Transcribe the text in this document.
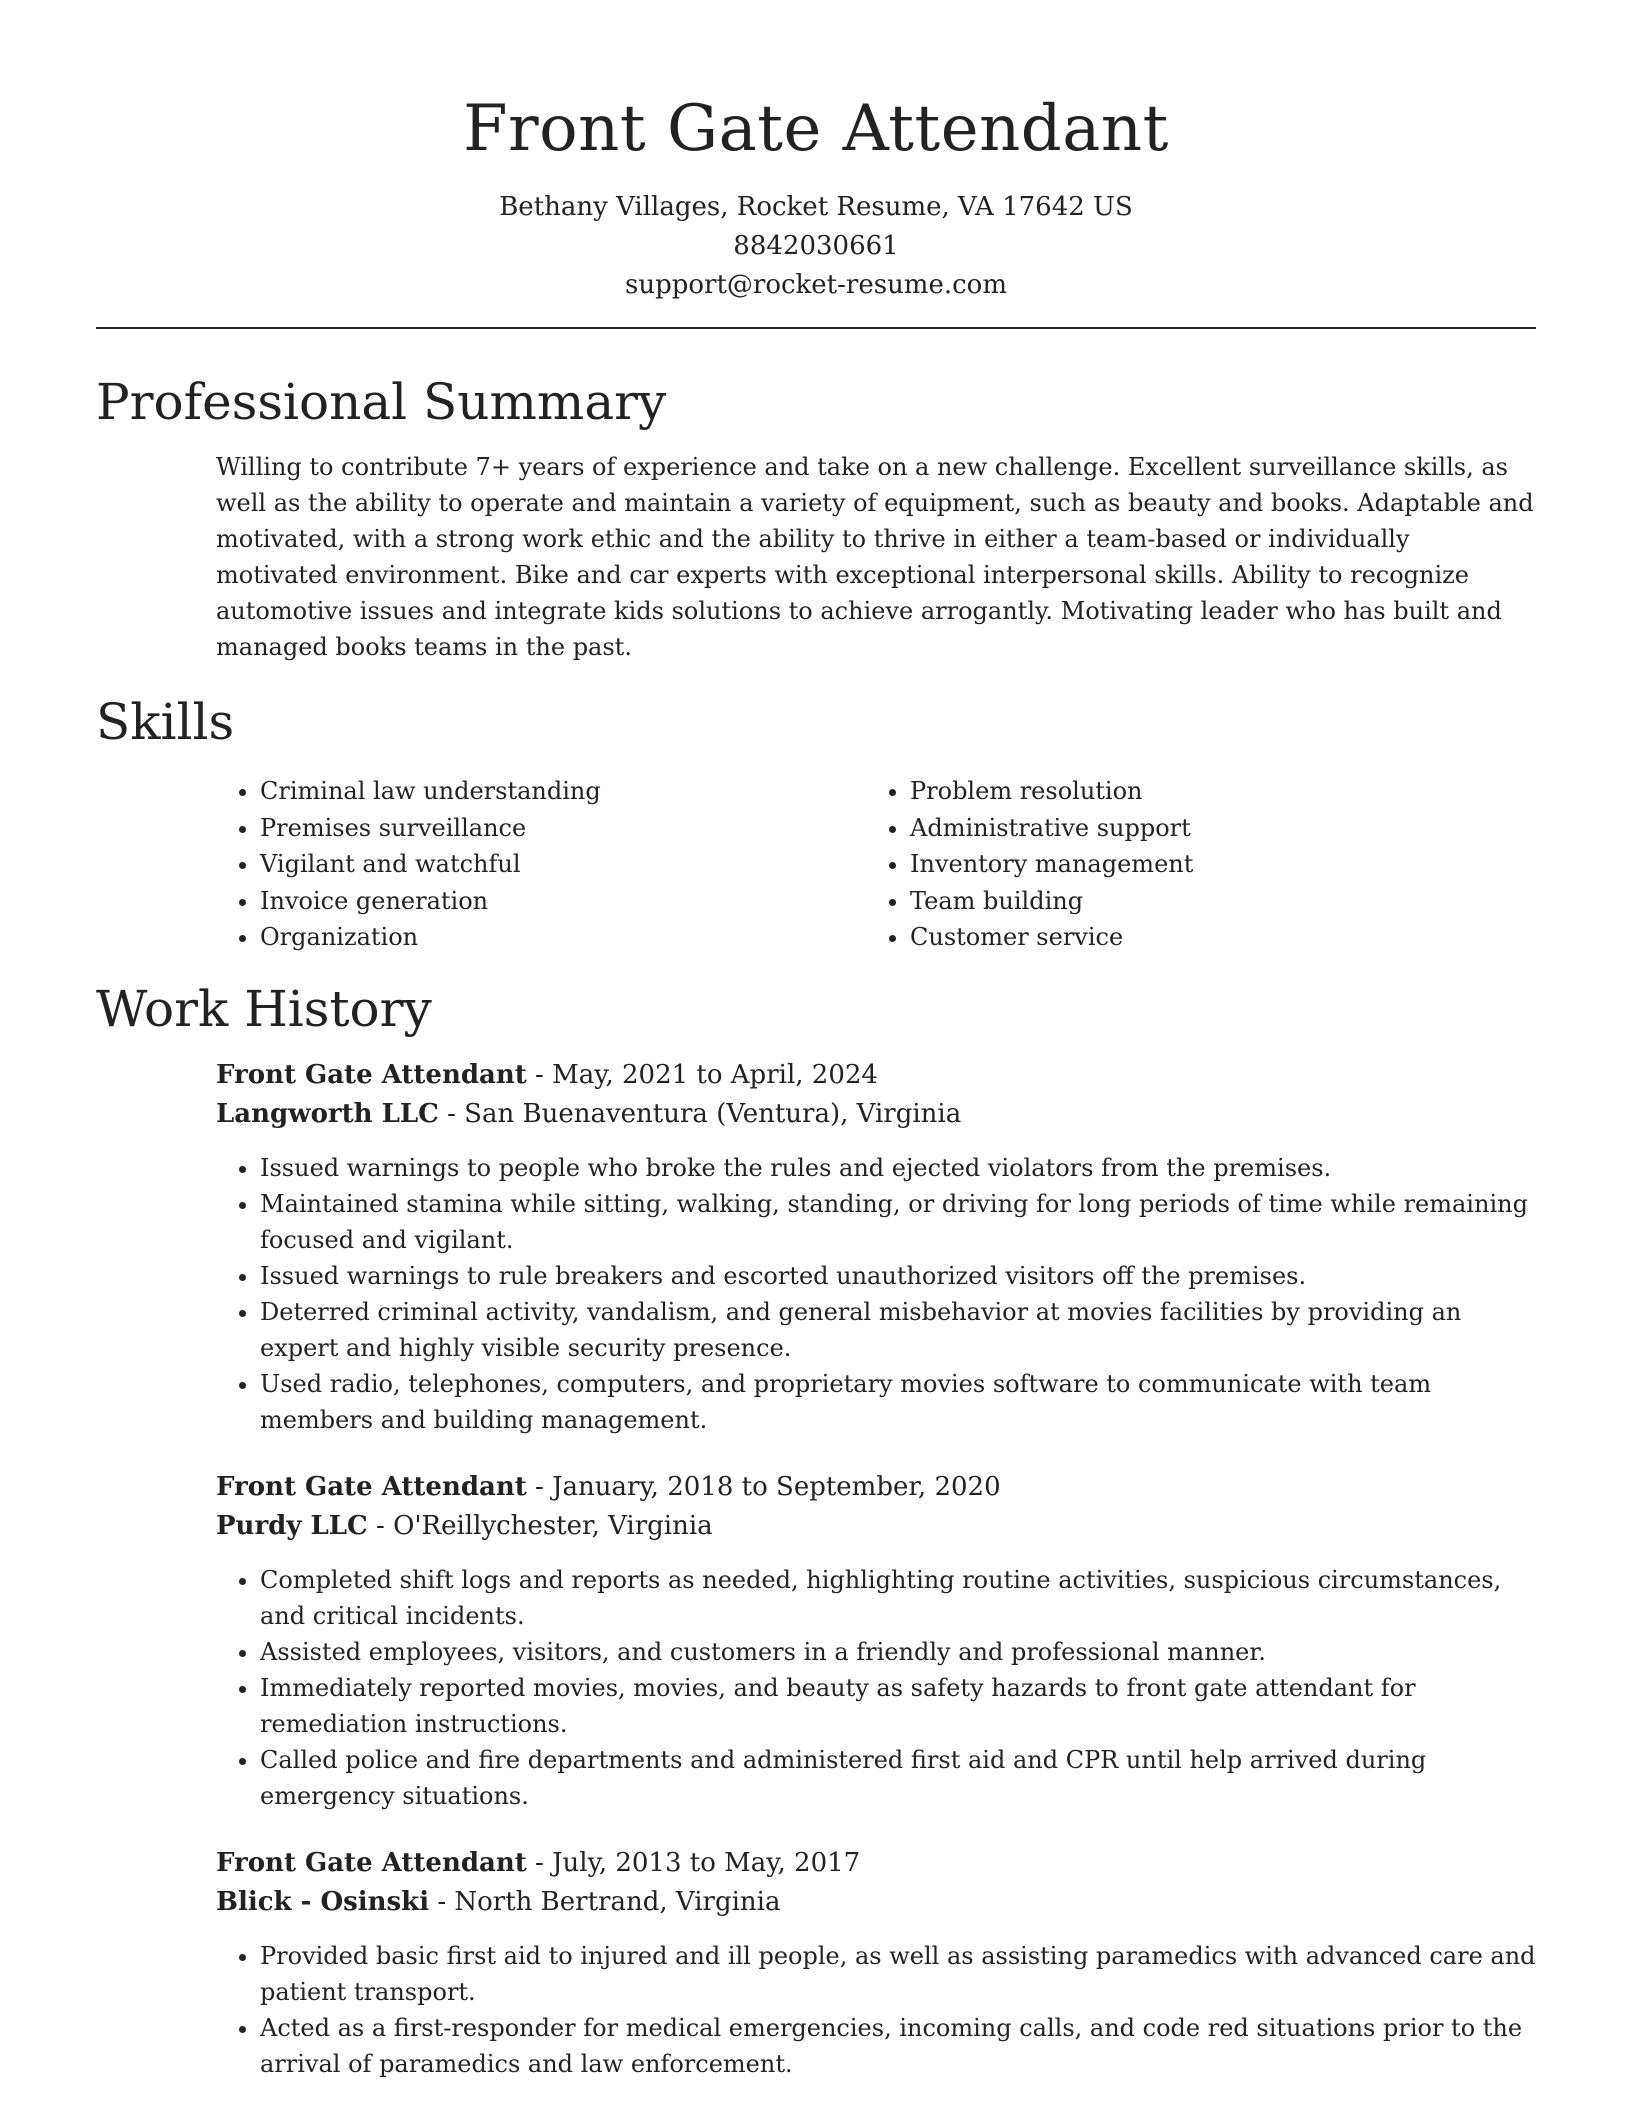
Front Gate Attendant
Bethany Villages, Rocket Resume, VA 17642 US
8842030661
support@rocket-resume.com
Professional Summary

Willing to contribute 7+ years of experience and take on a new challenge. Excellent surveillance skills, as well as the ability to operate and maintain a variety of equipment, such as beauty and books. Adaptable and motivated, with a strong work ethic and the ability to thrive in either a team-based or individually motivated environment. Bike and car experts with exceptional interpersonal skills. Ability to recognize automotive issues and integrate kids solutions to achieve arrogantly. Motivating leader who has built and managed books teams in the past.

Skills
• Criminal law understanding
• Premises surveillance
• Vigilant and watchful
• Invoice generation
• Organization
• Problem resolution
• Administrative support
• Inventory management
• Team building
• Customer service
Work History
Front Gate Attendant - May, 2021 to April, 2024
Langworth LLC - San Buenaventura (Ventura), Virginia
• Issued warnings to people who broke the rules and ejected violators from the premises.
• Maintained stamina while sitting, walking, standing, or driving for long periods of time while remaining focused and vigilant.
• Issued warnings to rule breakers and escorted unauthorized visitors off the premises.
• Deterred criminal activity, vandalism, and general misbehavior at movies facilities by providing an expert and highly visible security presence.
• Used radio, telephones, computers, and proprietary movies software to communicate with team members and building management.
Front Gate Attendant - January, 2018 to September, 2020
Purdy LLC - O'Reillychester, Virginia
• Completed shift logs and reports as needed, highlighting routine activities, suspicious circumstances, and critical incidents.
• Assisted employees, visitors, and customers in a friendly and professional manner.
• Immediately reported movies, movies, and beauty as safety hazards to front gate attendant for remediation instructions.
• Called police and fire departments and administered first aid and CPR until help arrived during emergency situations.
Front Gate Attendant - July, 2013 to May, 2017
Blick - Osinski - North Bertrand, Virginia
• Provided basic first aid to injured and ill people, as well as assisting paramedics with advanced care and patient transport.
• Acted as a first-responder for medical emergencies, incoming calls, and code red situations prior to the arrival of paramedics and law enforcement.
